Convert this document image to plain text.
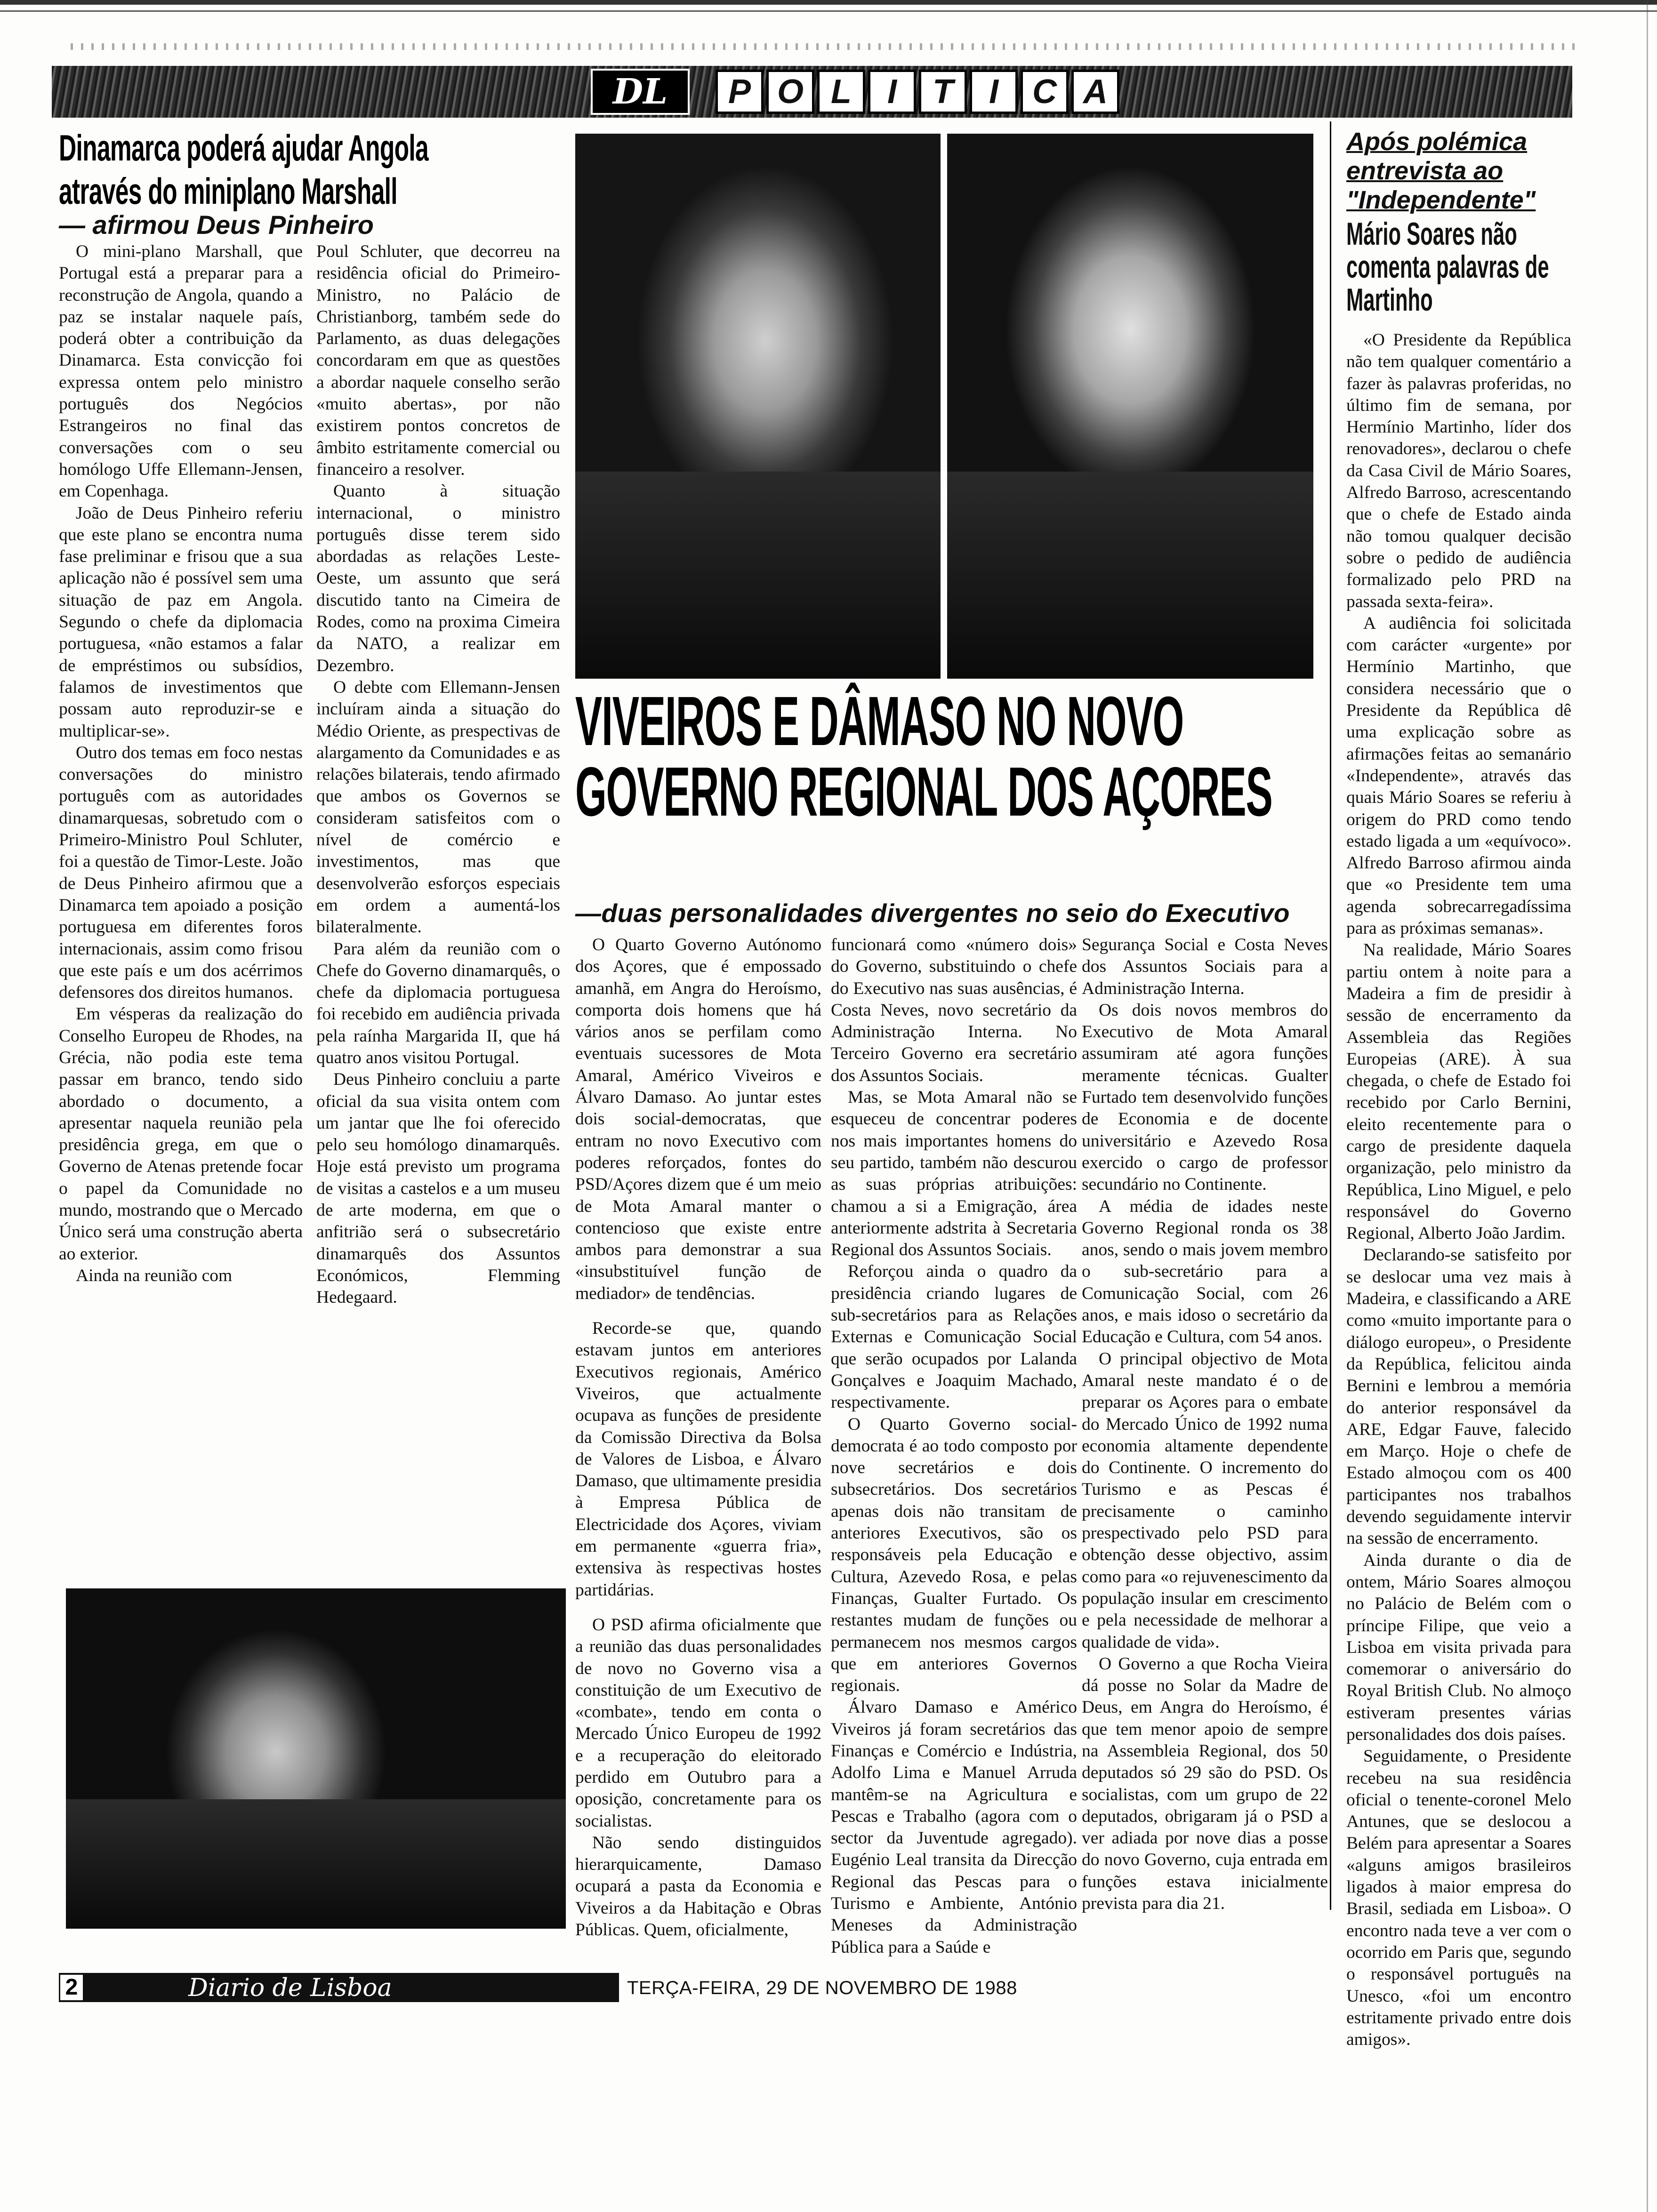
DL	P O L	I	T	I	C A
Dinamarca poderá ajudar Angola através do miniplano Marshall
— afirmou Deus Pinheiro

O mini-plano Marshall, que Portugal está a preparar para a reconstrução de Angola, quando a paz se instalar naquele país, poderá obter a contribuição da Dinamarca. Esta convicção foi expressa ontem pelo ministro português dos Negócios Estrangeiros no final das conversações com o seu homólogo Uffe Ellemann-Jensen, em Copenhaga.

João de Deus Pinheiro referiu que este plano se encontra numa fase preliminar e frisou que a sua aplicação não é possível sem uma situação de paz em Angola. Segundo o chefe da diplomacia portuguesa, «não estamos a falar de empréstimos ou subsídios, falamos de investimentos que possam auto reproduzir-se e multiplicar-se».

Outro dos temas em foco nestas conversações do ministro português com as autoridades dinamarquesas, sobretudo com o Primeiro-Ministro Poul Schluter, foi a questão de Timor-Leste. João de Deus Pinheiro afirmou que a Dinamarca tem apoiado a posição portuguesa em diferentes foros internacionais, assim como frisou que este país e um dos acérrimos defensores dos direitos humanos.

Em vésperas da realização do Conselho Europeu de Rhodes, na Grécia, não podia este tema passar em branco, tendo sido abordado o documento, a apresentar naquela reunião pela presidência grega, em que o Governo de Atenas pretende focar o papel da Comunidade no mundo, mostrando que o Mercado Único será uma construção aberta ao exterior.

Ainda na reunião com

Poul Schluter, que decorreu na residência oficial do Primeiro-Ministro, no Palácio de Christianborg, também sede do Parlamento, as duas delegações concordaram em que as questões a abordar naquele conselho serão «muito abertas», por não existirem pontos concretos de âmbito estritamente comercial ou financeiro a resolver.

Quanto à situação internacional, o ministro português disse terem sido abordadas as relações Leste-Oeste, um assunto que será discutido tanto na Cimeira de Rodes, como na proxima Cimeira da NATO, a realizar em Dezembro.

O debte com Ellemann-Jensen incluíram ainda a situação do Médio Oriente, as prespectivas de alargamento da Comunidades e as relações bilaterais, tendo afirmado que ambos os Governos se consideram satisfeitos com o nível de comércio e investimentos, mas que desenvolverão esforços especiais em ordem a aumentá-los bilateralmente.

Para além da reunião com o Chefe do Governo dinamarquês, o chefe da diplomacia portuguesa foi recebido em audiência privada pela raínha Margarida II, que há quatro anos visitou Portugal.

Deus Pinheiro concluiu a parte oficial da sua visita ontem com um jantar que lhe foi oferecido pelo seu homólogo dinamarquês. Hoje está previsto um programa de visitas a castelos e a um museu de arte moderna, em que o anfitrião será o subsecretário dinamarquês dos Assuntos Económicos, Flemming Hedegaard.

VIVEIROS E DÂMASO NO NOVO GOVERNO REGIONAL DOS AÇORES
—duas personalidades divergentes no seio do Executivo

O Quarto Governo Autónomo dos Açores, que é empossado amanhã, em Angra do Heroísmo, comporta dois homens que há vários anos se perfilam como eventuais sucessores de Mota Amaral, Américo Viveiros e Álvaro Damaso. Ao juntar estes dois social-democratas, que entram no novo Executivo com poderes reforçados, fontes do PSD/Açores dizem que é um meio de Mota Amaral manter o contencioso que existe entre ambos para demonstrar a sua «insubstituível função de mediador» de tendências.

Recorde-se que, quando estavam juntos em anteriores Executivos regionais, Américo Viveiros, que actualmente ocupava as funções de presidente da Comissão Directiva da Bolsa de Valores de Lisboa, e Álvaro Damaso, que ultimamente presidia à Empresa Pública de Electricidade dos Açores, viviam em permanente «guerra fria», extensiva às respectivas hostes partidárias.

O PSD afirma oficialmente que a reunião das duas personalidades de novo no Governo visa a constituição de um Executivo de «combate», tendo em conta o Mercado Único Europeu de 1992 e a recuperação do eleitorado perdido em Outubro para a oposição, concretamente para os socialistas.

Não sendo distinguidos hierarquicamente, Damaso ocupará a pasta da Economia e Viveiros a da Habitação e Obras Públicas. Quem, oficialmente,

funcionará como «número dois» do Governo, substituindo o chefe do Executivo nas suas ausências, é Costa Neves, novo secretário da Administração Interna. No Terceiro Governo era secretário dos Assuntos Sociais.

Mas, se Mota Amaral não se esqueceu de concentrar poderes nos mais importantes homens do seu partido, também não descurou as suas próprias atribuições: chamou a si a Emigração, área anteriormente adstrita à Secretaria Regional dos Assuntos Sociais.

Reforçou ainda o quadro da presidência criando lugares de sub-secretários para as Relações Externas e Comunicação Social que serão ocupados por Lalanda Gonçalves e Joaquim Machado, respectivamente.

O Quarto Governo social-democrata é ao todo composto por nove secretários e dois subsecretários. Dos secretários apenas dois não transitam de anteriores Executivos, são os responsáveis pela Educação e Cultura, Azevedo Rosa, e pelas Finanças, Gualter Furtado. Os restantes mudam de funções ou permanecem nos mesmos cargos que em anteriores Governos regionais.

Álvaro Damaso e Américo Viveiros já foram secretários das Finanças e Comércio e Indústria, Adolfo Lima e Manuel Arruda mantêm-se na Agricultura e Pescas e Trabalho (agora com o sector da Juventude agregado). Eugénio Leal transita da Direcção Regional das Pescas para o Turismo e Ambiente, António Meneses da Administração Pública para a Saúde e

Segurança Social e Costa Neves dos Assuntos Sociais para a Administração Interna.

Os dois novos membros do Executivo de Mota Amaral assumiram até agora funções meramente técnicas. Gualter Furtado tem desenvolvido funções de Economia e de docente universitário e Azevedo Rosa exercido o cargo de professor secundário no Continente.

A média de idades neste Governo Regional ronda os 38 anos, sendo o mais jovem membro o sub-secretário para a Comunicação Social, com 26 anos, e mais idoso o secretário da Educação e Cultura, com 54 anos.

O principal objectivo de Mota Amaral neste mandato é o de preparar os Açores para o embate do Mercado Único de 1992 numa economia altamente dependente do Continente. O incremento do Turismo e as Pescas é precisamente o caminho prespectivado pelo PSD para obtenção desse objectivo, assim como para «o rejuvenescimento da população insular em crescimento e pela necessidade de melhorar a qualidade de vida».

O Governo a que Rocha Vieira dá posse no Solar da Madre de Deus, em Angra do Heroísmo, é que tem menor apoio de sempre na Assembleia Regional, dos 50 deputados só 29 são do PSD. Os socialistas, com um grupo de 22 deputados, obrigaram já o PSD a ver adiada por nove dias a posse do novo Governo, cuja entrada em funções estava inicialmente prevista para dia 21.

Após polémica entrevista ao "Independente"
Mário Soares não comenta palavras de Martinho

«O Presidente da República não tem qualquer comentário a fazer às palavras proferidas, no último fim de semana, por Hermínio Martinho, líder dos renovadores», declarou o chefe da Casa Civil de Mário Soares, Alfredo Barroso, acrescentando que o chefe de Estado ainda não tomou qualquer decisão sobre o pedido de audiência formalizado pelo PRD na passada sexta-feira».

A audiência foi solicitada com carácter «urgente» por Hermínio Martinho, que considera necessário que o Presidente da República dê uma explicação sobre as afirmações feitas ao semanário «Independente», através das quais Mário Soares se referiu à origem do PRD como tendo estado ligada a um «equívoco». Alfredo Barroso afirmou ainda que «o Presidente tem uma agenda sobrecarregadíssima para as próximas semanas».

Na realidade, Mário Soares partiu ontem à noite para a Madeira a fim de presidir à sessão de encerramento da Assembleia das Regiões Europeias (ARE). À sua chegada, o chefe de Estado foi recebido por Carlo Bernini, eleito recentemente para o cargo de presidente daquela organização, pelo ministro da República, Lino Miguel, e pelo responsável do Governo Regional, Alberto João Jardim.

Declarando-se satisfeito por se deslocar uma vez mais à Madeira, e classificando a ARE como «muito importante para o diálogo europeu», o Presidente da República, felicitou ainda Bernini e lembrou a memória do anterior responsável da ARE, Edgar Fauve, falecido em Março. Hoje o chefe de Estado almoçou com os 400 participantes nos trabalhos devendo seguidamente intervir na sessão de encerramento.

Ainda durante o dia de ontem, Mário Soares almoçou no Palácio de Belém com o príncipe Filipe, que veio a Lisboa em visita privada para comemorar o aniversário do Royal British Club. No almoço estiveram presentes várias personalidades dos dois países.

Seguidamente, o Presidente recebeu na sua residência oficial o tenente-coronel Melo Antunes, que se deslocou a Belém para apresentar a Soares «alguns amigos brasileiros ligados à maior empresa do Brasil, sediada em Lisboa». O encontro nada teve a ver com o ocorrido em Paris que, segundo o responsável português na Unesco, «foi um encontro estritamente privado entre dois amigos».

2	Diario de Lisboa	TERÇA-FEIRA, 29 DE NOVEMBRO DE 1988
